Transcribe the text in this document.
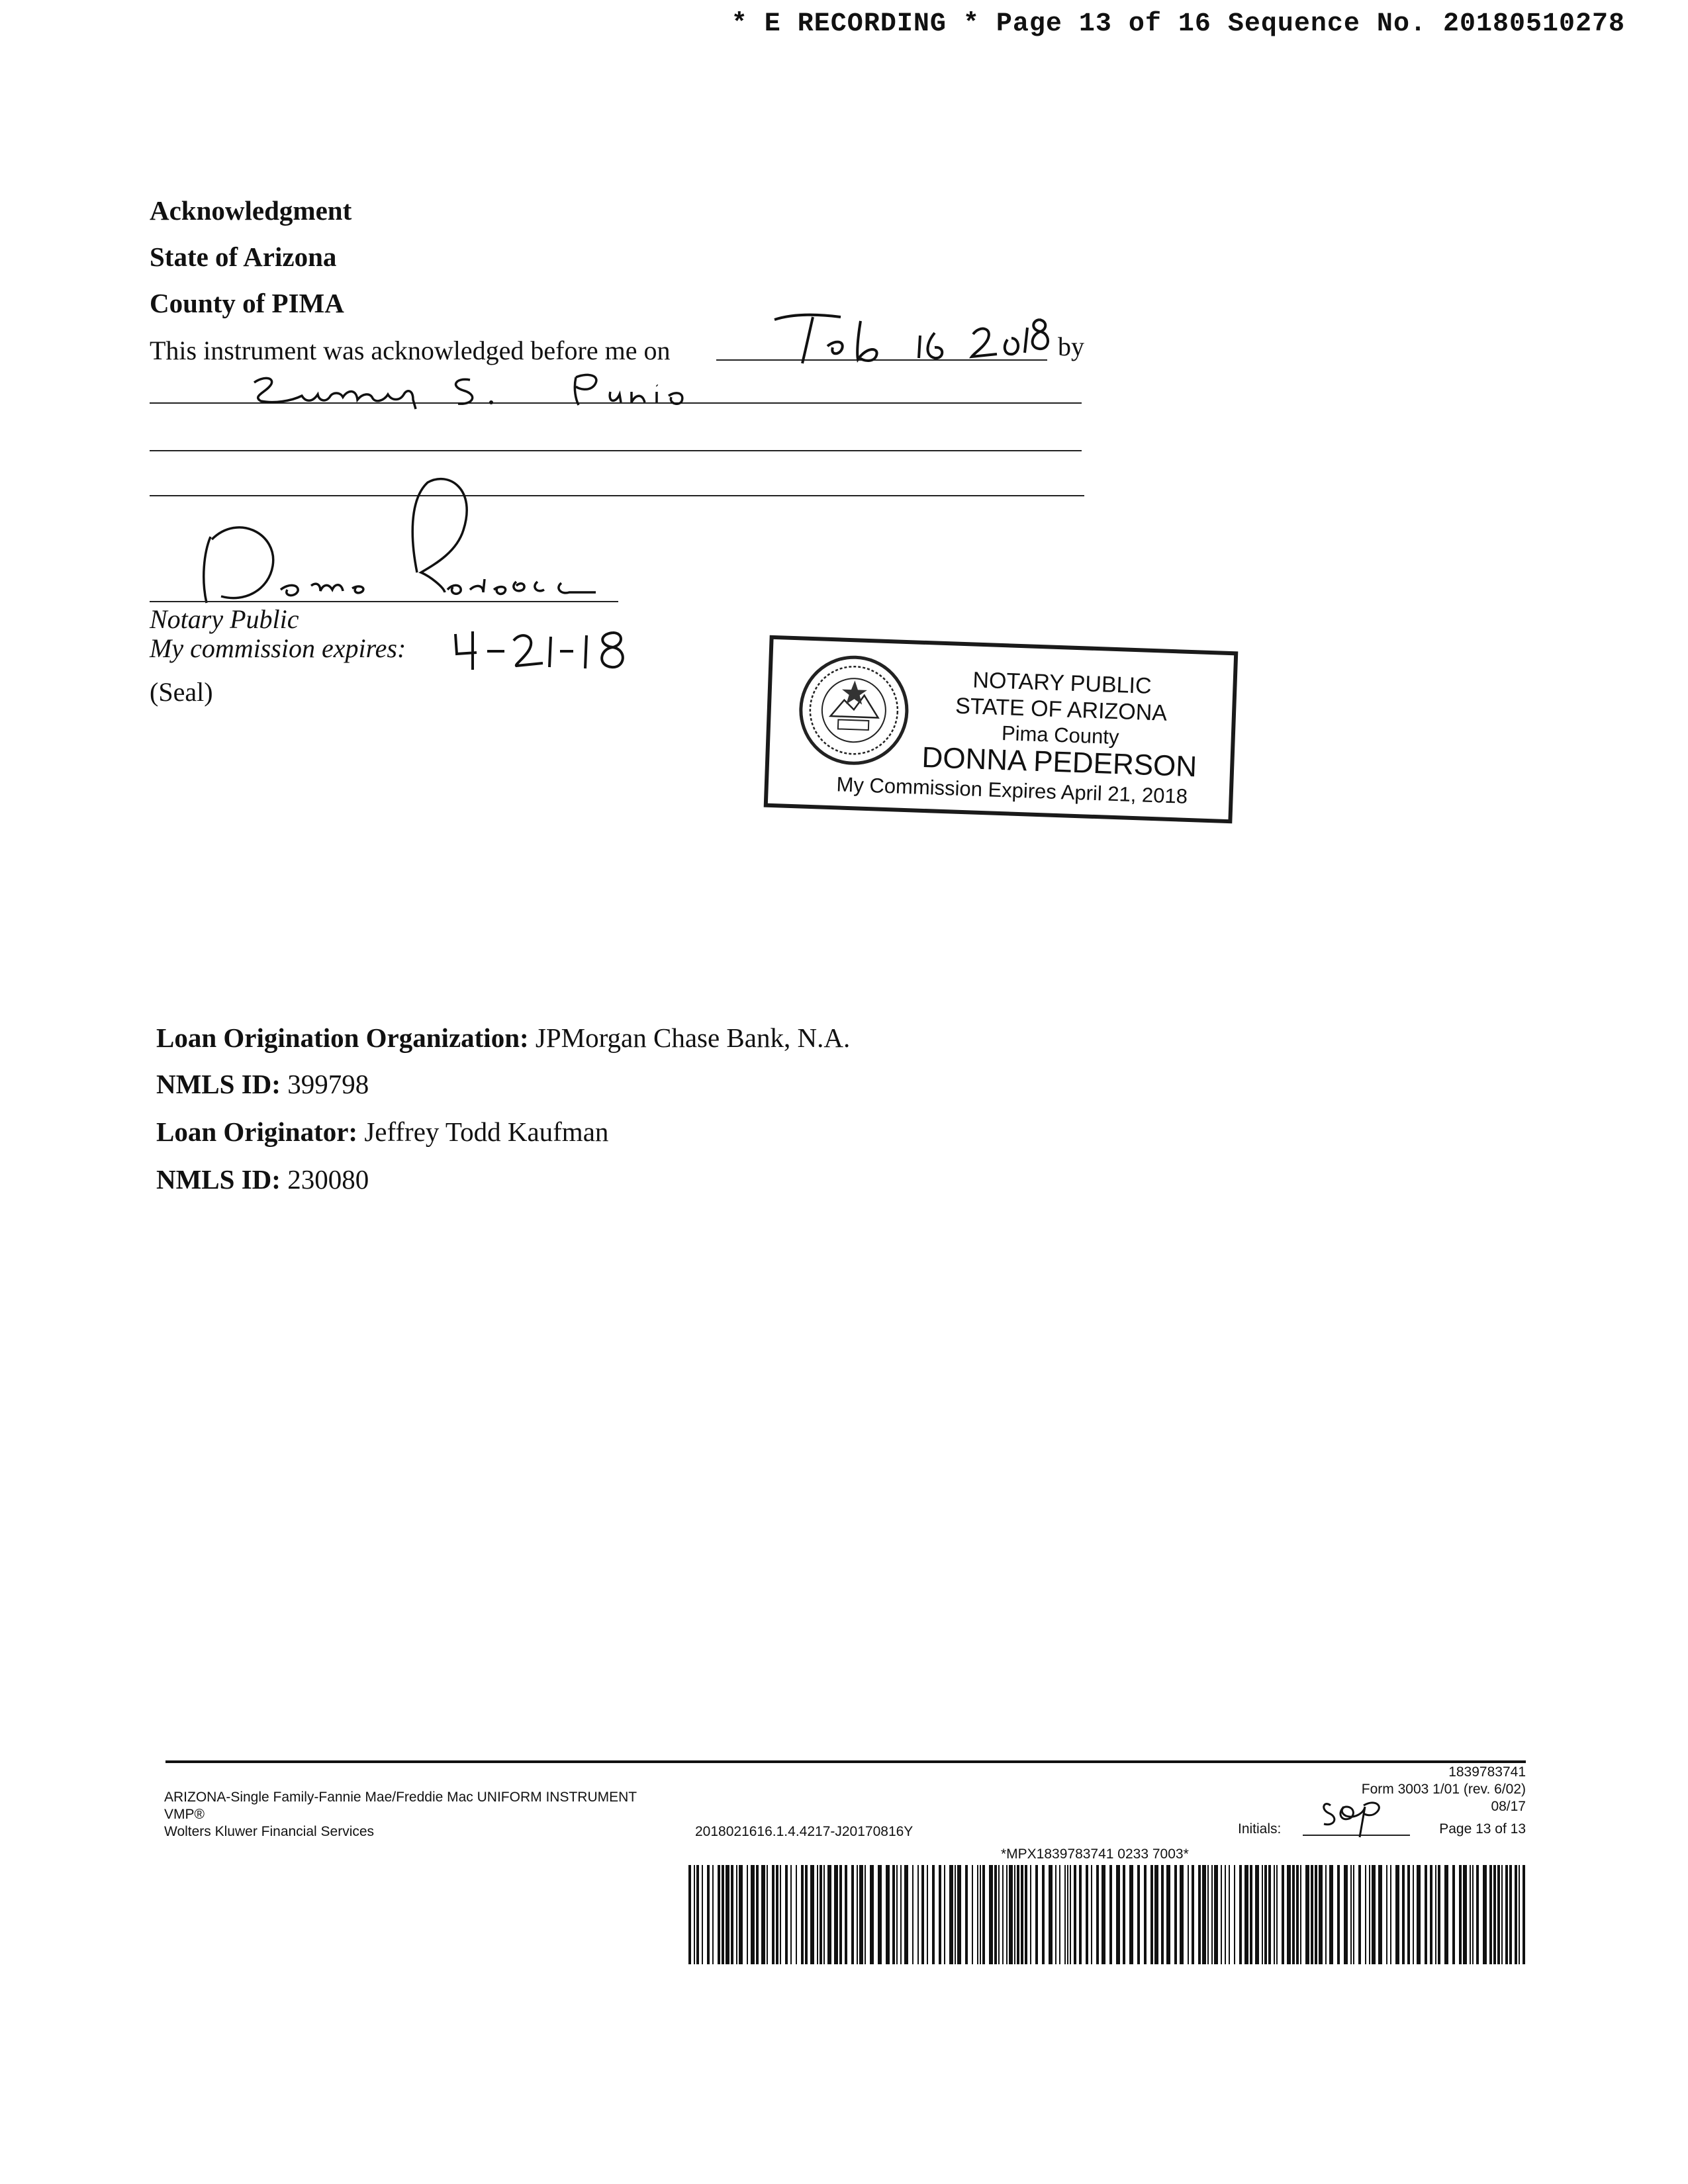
* E RECORDING * Page 13 of 16 Sequence No. 20180510278
Acknowledgment
State of Arizona
County of PIMA
This instrument was acknowledged before me on	by
Notary Public
My commission expires:
(Seal)	NOTARY PUBLIC
STATE OF ARIZONA
Pima County
DONNA PEDERSON
My Commission Expires April 21, 2018
Loan Origination Organization: JPMorgan Chase Bank, N.A.
NMLS ID: 399798
Loan Originator: Jeffrey Todd Kaufman
NMLS ID: 230080
ARIZONA-Single Family-Fannie Mae/Freddie Mac UNIFORM INSTRUMENT
VMP®
Wolters Kluwer Financial Services	2018021616.1.4.4217-J20170816Y
1839783741
Form 3003 1/01 (rev. 6/02)
08/17
Initials:	Page 13 of 13
*MPX1839783741 0233 7003*
